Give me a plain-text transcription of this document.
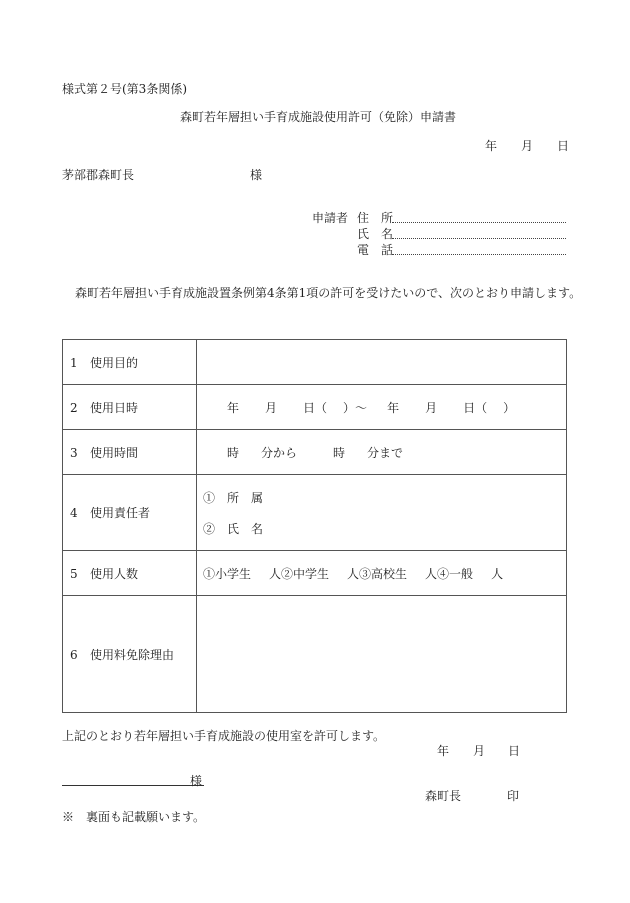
様式第２号(第3条関係)
森町若年層担い手育成施設使用許可（免除）申請書
年 月 日
茅部郡森町長	様
申請者 住　所
氏　名
電　話
森町若年層担い手育成施設置条例第4条第1項の許可を受けたいので、次のとおり申請します。
1 使用目的	
2 使用日時	年 月 日（ ）〜 年 月 日（ ）
3 使用時間	時 分から 時 分まで
4 使用責任者	①　所　属
②　氏　名

5 使用人数	①小学生 人②中学生 人③高校生 人④一般 人
6 使用料免除理由	
上記のとおり若年層担い手育成施設の使用室を許可します。
年 月 日
様
森町長	印
※　裏面も記載願います。
